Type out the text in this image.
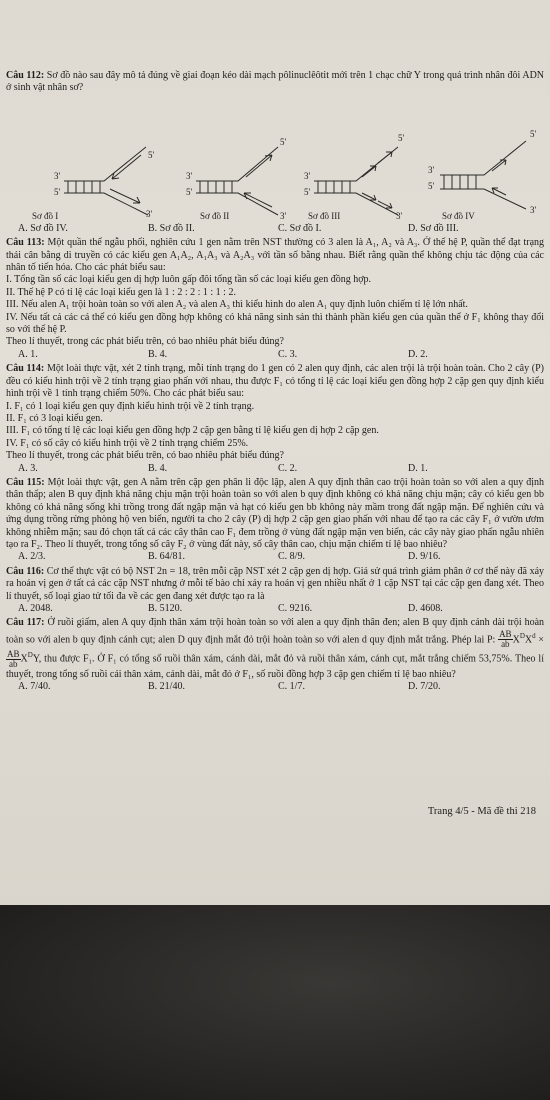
Câu 112: Sơ đồ nào sau đây mô tả đúng về giai đoạn kéo dài mạch pôlinuclêôtit mới trên 1 chạc chữ Y trong quá trình nhân đôi ADN ở sinh vật nhân sơ?

5'
3'
5'
3'
Sơ đồ I
5'
3'
5'
3'
Sơ đồ II
5'
3'
5'
3'
Sơ đồ III
5'
3'
5'
3'
Sơ đồ IV
A. Sơ đồ IV.	B. Sơ đồ II.	C. Sơ đồ I.	D. Sơ đồ III.

Câu 113: Một quần thể ngẫu phối, nghiên cứu 1 gen nằm trên NST thường có 3 alen là A₁, A₂ và A₃. Ở thế hệ P, quần thể đạt trạng thái cân bằng di truyền có các kiểu gen A₁A₂, A₁A₃ và A₂A₃ với tần số bằng nhau. Biết rằng quần thể không chịu tác động của các nhân tố tiến hóa. Cho các phát biểu sau:

I. Tổng tần số các loại kiểu gen dị hợp luôn gấp đôi tổng tần số các loại kiểu gen đồng hợp.

II. Thế hệ P có tỉ lệ các loại kiểu gen là 1 : 2 : 2 : 1 : 1 : 2.

III. Nếu alen A₁ trội hoàn toàn so với alen A₂ và alen A₃ thì kiểu hình do alen A₁ quy định luôn chiếm tỉ lệ lớn nhất.

IV. Nếu tất cả các cá thể có kiểu gen đồng hợp không có khả năng sinh sản thì thành phần kiểu gen của quần thể ở F₁ không thay đổi so với thế hệ P.

Theo lí thuyết, trong các phát biểu trên, có bao nhiêu phát biểu đúng?

A. 1.	B. 4.	C. 3.	D. 2.

Câu 114: Một loài thực vật, xét 2 tính trạng, mỗi tính trạng do 1 gen có 2 alen quy định, các alen trội là trội hoàn toàn. Cho 2 cây (P) đều có kiểu hình trội về 2 tính trạng giao phấn với nhau, thu được F₁ có tổng tỉ lệ các loại kiểu gen đồng hợp 2 cặp gen quy định kiểu hình trội về 1 tính trạng chiếm 50%. Cho các phát biểu sau:

I. F₁ có 1 loại kiểu gen quy định kiểu hình trội về 2 tính trạng.

II. F₁ có 3 loại kiểu gen.

III. F₁ có tổng tỉ lệ các loại kiểu gen đồng hợp 2 cặp gen bằng tỉ lệ kiểu gen dị hợp 2 cặp gen.

IV. F₁ có số cây có kiểu hình trội về 2 tính trạng chiếm 25%.

Theo lí thuyết, trong các phát biểu trên, có bao nhiêu phát biểu đúng?

A. 3.	B. 4.	C. 2.	D. 1.

Câu 115: Một loài thực vật, gen A nằm trên cặp gen phân li độc lập, alen A quy định thân cao trội hoàn toàn so với alen a quy định thân thấp; alen B quy định khả năng chịu mặn trội hoàn toàn so với alen b quy định không có khả năng chịu mặn; cây có kiểu gen bb không có khả năng sống khi trồng trong đất ngập mặn và hạt có kiểu gen bb không này mầm trong đất ngập mặn. Để nghiên cứu và ứng dụng trồng rừng phòng hộ ven biển, người ta cho 2 cây (P) dị hợp 2 cặp gen giao phấn với nhau để tạo ra các cây F₁ ở vườn ươm không nhiễm mặn; sau đó chọn tất cả các cây thân cao F₁ đem trồng ở vùng đất ngập mặn ven biển, các cây này giao phấn ngẫu nhiên tạo ra F₂. Theo lí thuyết, trong tổng số cây F₂ ở vùng đất này, số cây thân cao, chịu mặn chiếm tỉ lệ bao nhiêu?

A. 2/3.	B. 64/81.	C. 8/9.	D. 9/16.

Câu 116: Cơ thể thực vật có bộ NST 2n = 18, trên mỗi cặp NST xét 2 cặp gen dị hợp. Giả sử quá trình giảm phân ở cơ thể này đã xảy ra hoán vị gen ở tất cả các cặp NST nhưng ở mỗi tế bào chỉ xảy ra hoán vị gen nhiều nhất ở 1 cặp NST tại các cặp gen đang xét. Theo lí thuyết, số loại giao tử tối đa về các gen đang xét được tạo ra là

A. 2048.	B. 5120.	C. 9216.	D. 4608.

Câu 117: Ở ruồi giấm, alen A quy định thân xám trội hoàn toàn so với alen a quy định thân đen; alen B quy định cánh dài trội hoàn toàn so với alen b quy định cánh cụt; alen D quy định mắt đỏ trội hoàn toàn so với alen d quy định mắt trắng. Phép lai P: $\frac{AB}{ab} X^DX^d$ ×
$\frac{AB}{ab} X^DY$, thu được F₁. Ở F₁ có tổng số ruồi thân xám, cánh dài, mắt đỏ và ruồi thân xám, cánh cụt, mắt trắng chiếm 53,75%. Theo lí thuyết, trong tổng số ruồi cái thân xám, cánh dài, mắt đỏ ở F₁, số ruồi đồng hợp 3 cặp gen chiếm tỉ lệ bao nhiêu?

A. 7/40.	B. 21/40.	C. 1/7.	D. 7/20.
Trang 4/5 - Mã đề thi 218
